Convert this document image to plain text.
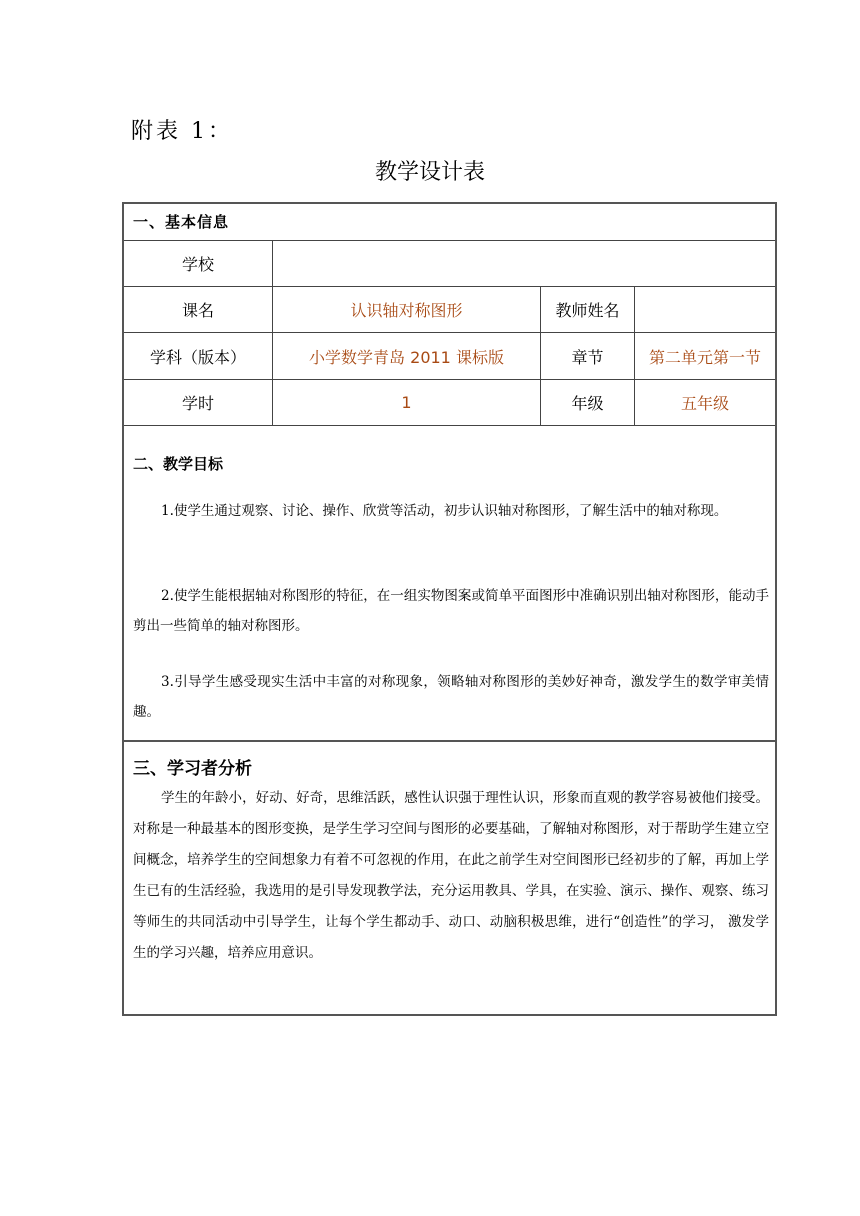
附表 1：
教学设计表
一、基本信息
学校
课名	认识轴对称图形	教师姓名
学科（版本）	小学数学青岛 2011 课标版	章节	第二单元第一节
学时	1	年级	五年级
二、教学目标
1.使学生通过观察、讨论、操作、欣赏等活动，初步认识轴对称图形，了解生活中的轴对称现。
2.使学生能根据轴对称图形的特征，在一组实物图案或简单平面图形中准确识别出轴对称图形，能动手剪出一些简单的轴对称图形。
3.引导学生感受现实生活中丰富的对称现象，领略轴对称图形的美妙好神奇，激发学生的数学审美情趣。
三、学习者分析
学生的年龄小，好动、好奇，思维活跃，感性认识强于理性认识，形象而直观的教学容易被他们接受。对称是一种最基本的图形变换，是学生学习空间与图形的必要基础，了解轴对称图形，对于帮助学生建立空间概念，培养学生的空间想象力有着不可忽视的作用，在此之前学生对空间图形已经初步的了解，再加上学生已有的生活经验，我选用的是引导发现教学法，充分运用教具、学具，在实验、演示、操作、观察、练习等师生的共同活动中引导学生，让每个学生都动手、动口、动脑积极思维，进行“创造性”的学习， 激发学生的学习兴趣，培养应用意识。
